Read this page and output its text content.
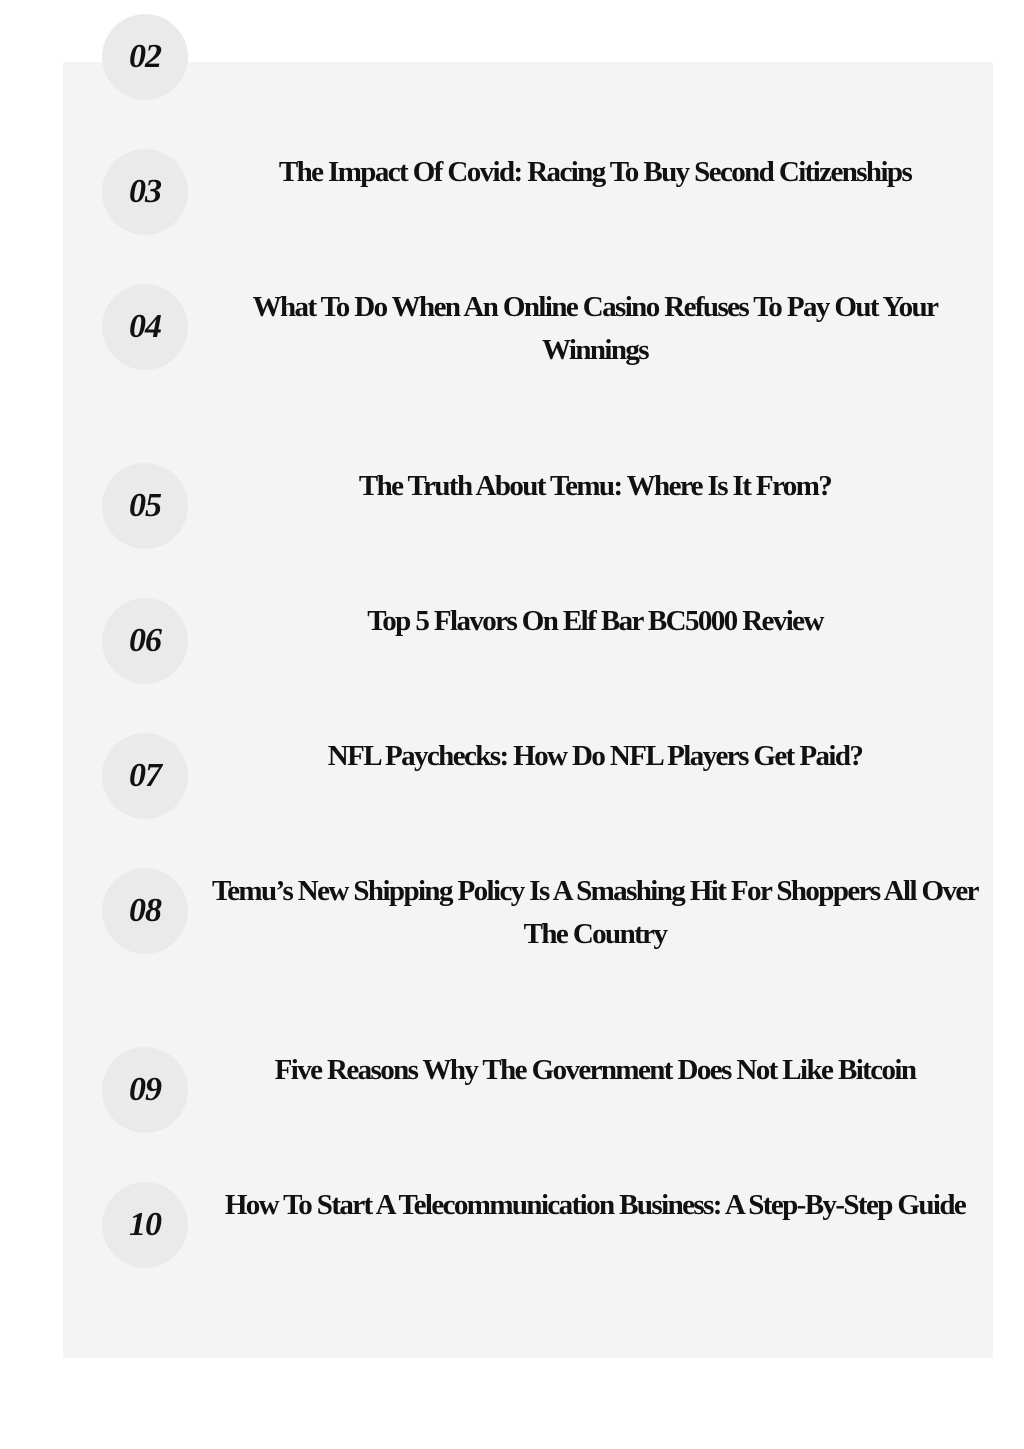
02
03
The Impact Of Covid: Racing To Buy Second Citizenships
04
What To Do When An Online Casino Refuses To Pay Out Your Winnings
05
The Truth About Temu: Where Is It From?
06
Top 5 Flavors On Elf Bar BC5000 Review
07
NFL Paychecks: How Do NFL Players Get Paid?
08
Temu’s New Shipping Policy Is A Smashing Hit For Shoppers All Over The Country
09
Five Reasons Why The Government Does Not Like Bitcoin
10
How To Start A Telecommunication Business: A Step-By-Step Guide
